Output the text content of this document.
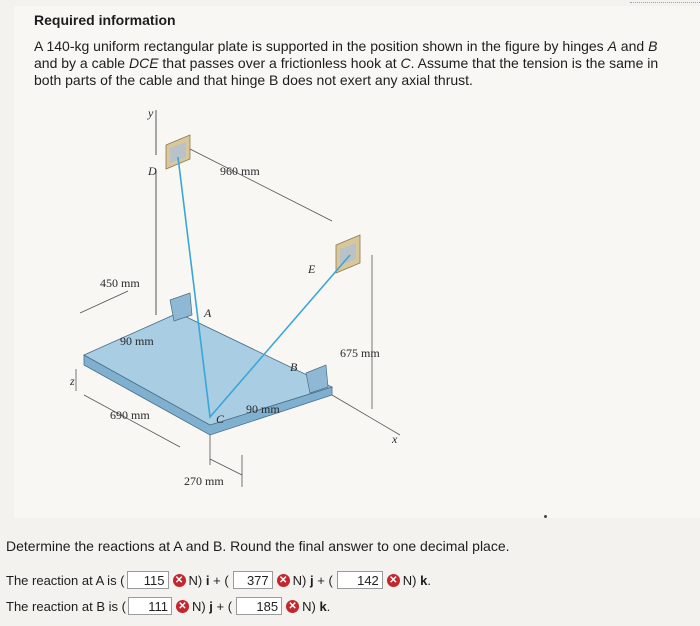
Required information
A 140-kg uniform rectangular plate is supported in the position shown in the figure by hinges A and B and by a cable DCE that passes over a frictionless hook at C. Assume that the tension is the same in both parts of the cable and that hinge B does not exert any axial thrust.
y
D
E
A
B
C
960 mm
450 mm
90 mm
z
690 mm	90 mm
675 mm
x
270 mm
Determine the reactions at A and B. Round the final answer to one decimal place.
The reaction at A is (	115	✕ N) i + (	377	✕ N) j + (	142	✕ N) k.
The reaction at B is (	111	✕ N) j + (	185	✕ N) k.
